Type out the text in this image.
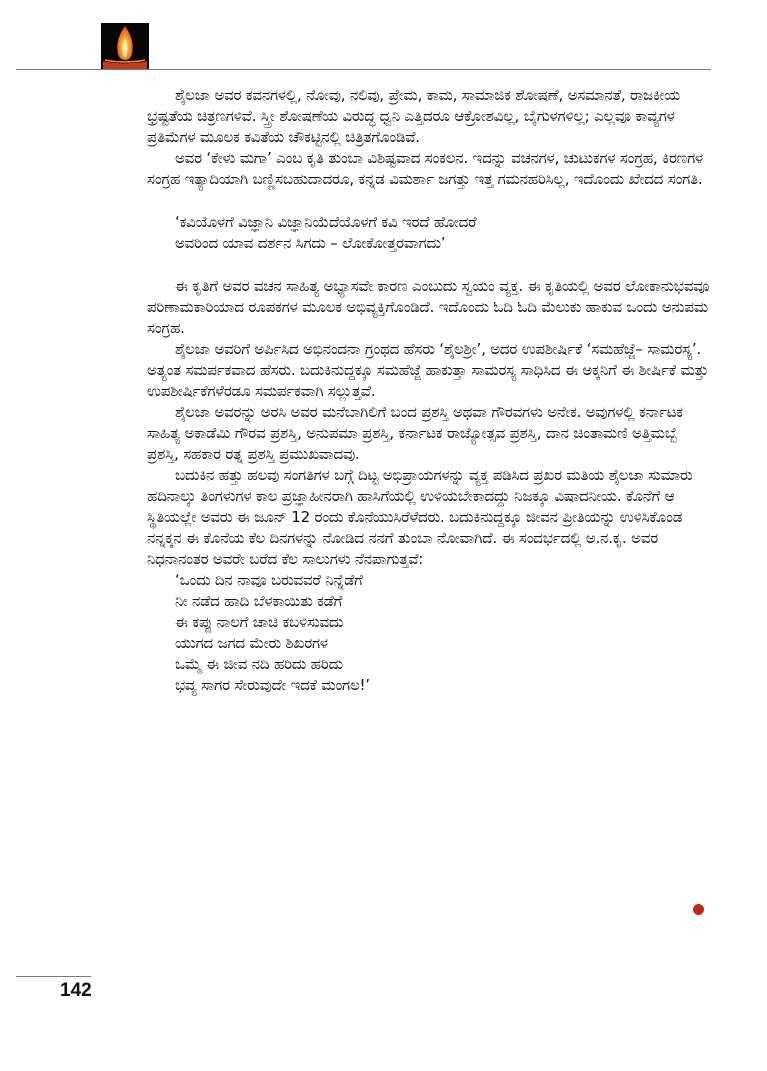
ಶೈಲಜಾ ಅವರ ಕವನಗಳಲ್ಲಿ, ನೋವು, ನಲಿವು, ಪ್ರೇಮ, ಕಾಮ, ಸಾಮಾಜಿಕ ಶೋಷಣೆ, ಅಸಮಾನತೆ, ರಾಜಕೀಯ ಭ್ರಷ್ಟತೆಯ ಚಿತ್ರಣಗಳಿವೆ. ಸ್ತ್ರೀ ಶೋಷಣೆಯ ವಿರುದ್ಧ ಧ್ವನಿ ಎತ್ತಿದರೂ ಆಕ್ರೋಶವಿಲ್ಲ, ಬೈಗುಳಗಳಿಲ್ಲ; ಎಲ್ಲವೂ ಕಾವ್ಯಗಳ ಪ್ರತಿಮೆಗಳ ಮೂಲಕ ಕವಿತೆಯ ಚೌಕಟ್ಟಿನಲ್ಲಿ ಚಿತ್ರಿತಗೊಂಡಿವೆ.

ಅವರ ‘ಕೇಳು ಮಗಾ’ ಎಂಬ ಕೃತಿ ತುಂಬಾ ವಿಶಿಷ್ಟವಾದ ಸಂಕಲನ. ಇದನ್ನು ವಚನಗಳ, ಚುಟುಕಗಳ ಸಂಗ್ರಹ, ಕಿರಣಗಳ ಸಂಗ್ರಹ ಇತ್ಯಾದಿಯಾಗಿ ಬಣ್ಣಿಸಬಹುದಾದರೂ, ಕನ್ನಡ ವಿಮರ್ಶಾ ಜಗತ್ತು ಇತ್ತ ಗಮನಹರಿಸಿಲ್ಲ, ಇದೊಂದು ಖೇದದ ಸಂಗತಿ.

‘ಕವಿಯೊಳಗೆ ವಿಜ್ಞಾನಿ ವಿಜ್ಞಾನಿಯೆದೆಯೊಳಗೆ ಕವಿ ಇರದೆ ಹೋದರೆ

ಅವರಿಂದ ಯಾವ ದರ್ಶನ ಸಿಗದು – ಲೋಕೋತ್ತರವಾಗದು’

ಈ ಕೃತಿಗೆ ಅವರ ವಚನ ಸಾಹಿತ್ಯ ಅಭ್ಯಾಸವೇ ಕಾರಣ ಎಂಬುದು ಸ್ವಯಂ ವ್ಯಕ್ತ. ಈ ಕೃತಿಯಲ್ಲಿ ಅವರ ಲೋಕಾನುಭವವೂ ಪರಿಣಾಮಕಾರಿಯಾದ ರೂಪಕಗಳ ಮೂಲಕ ಅಭಿವ್ಯಕ್ತಿಗೊಂಡಿದೆ. ಇದೊಂದು ಓದಿ ಓದಿ ಮೆಲುಕು ಹಾಕುವ ಒಂದು ಅನುಪಮ ಸಂಗ್ರಹ.

ಶೈಲಜಾ ಅವರಿಗೆ ಅರ್ಪಿಸಿದ ಅಭಿನಂದನಾ ಗ್ರಂಥದ ಹೆಸರು ‘ಶೈಲಶ್ರೀ’, ಅದರ ಉಪಶೀರ್ಷಿಕೆ ‘ಸಮಹೆಜ್ಜೆ– ಸಾಮರಸ್ಯ’. ಅತ್ಯಂತ ಸಮರ್ಪಕವಾದ ಹೆಸರು. ಬದುಕಿನುದ್ದಕ್ಕೂ ಸಮಹೆಜ್ಜೆ ಹಾಕುತ್ತಾ ಸಾಮರಸ್ಯ ಸಾಧಿಸಿದ ಈ ಅಕ್ಕನಿಗೆ ಈ ಶೀರ್ಷಿಕೆ ಮತ್ತು ಉಪಶೀರ್ಷಿಕೆಗಳೆರಡೂ ಸಮರ್ಪಕವಾಗಿ ಸಲ್ಲುತ್ತವೆ.

ಶೈಲಜಾ ಅವರನ್ನು ಅರಸಿ ಅವರ ಮನೆಬಾಗಿಲಿಗೆ ಬಂದ ಪ್ರಶಸ್ತಿ ಅಥವಾ ಗೌರವಗಳು ಅನೇಕ. ಅವುಗಳಲ್ಲಿ ಕರ್ನಾಟಕ ಸಾಹಿತ್ಯ ಅಕಾಡೆಮಿ ಗೌರವ ಪ್ರಶಸ್ತಿ, ಅನುಪಮಾ ಪ್ರಶಸ್ತಿ, ಕರ್ನಾಟಕ ರಾಜ್ಯೋತ್ಸವ ಪ್ರಶಸ್ತಿ, ದಾನ ಚಿಂತಾಮಣಿ ಅತ್ತಿಮಬ್ಬೆ ಪ್ರಶಸ್ತಿ, ಸಹಕಾರ ರತ್ನ ಪ್ರಶಸ್ತಿ ಪ್ರಮುಖವಾದವು.

ಬದುಕಿನ ಹತ್ತು ಹಲವು ಸಂಗತಿಗಳ ಬಗ್ಗೆ ದಿಟ್ಟ ಅಭಿಪ್ರಾಯಗಳನ್ನು ವ್ಯಕ್ತ ಪಡಿಸಿದ ಪ್ರಖರ ಮತಿಯ ಶೈಲಜಾ ಸುಮಾರು ಹದಿನಾಲ್ಕು ತಿಂಗಳುಗಳ ಕಾಲ ಪ್ರಜ್ಞಾಹೀನರಾಗಿ ಹಾಸಿಗೆಯಲ್ಲಿ ಉಳಿಯಬೇಕಾದದ್ದು ನಿಜಕ್ಕೂ ವಿಷಾದನೀಯ. ಕೊನೆಗೆ ಆ ಸ್ಥಿತಿಯಲ್ಲೇ ಅವರು ಈ ಜೂನ್ 12 ರಂದು ಕೊನೆಯುಸಿರೆಳೆದರು. ಬದುಕಿನುದ್ದಕ್ಕೂ ಜೀವನ ಪ್ರೀತಿಯನ್ನು ಉಳಿಸಿಕೊಂಡ ನನ್ನಕ್ಕನ ಈ ಕೊನೆಯ ಕೆಲ ದಿನಗಳನ್ನು ನೋಡಿದ ನನಗೆ ತುಂಬಾ ನೋವಾಗಿದೆ. ಈ ಸಂದರ್ಭದಲ್ಲಿ ಅ.ನ.ಕೃ. ಅವರ ನಿಧನಾನಂತರ ಅವರೇ ಬರೆದ ಕೆಲ ಸಾಲುಗಳು ನೆನಪಾಗುತ್ತವೆ:

‘ಒಂದು ದಿನ ನಾವೂ ಬರುವವರೆ ನಿನ್ನೆಡೆಗೆ

ನೀ ನಡೆದ ಹಾದಿ ಬೆಳಕಾಯಿತು ಕಡೆಗೆ

ಈ ಕಪ್ಪು ನಾಲಗೆ ಚಾಚಿ ಕಬಳಿಸುವದು

ಯುಗದ ಜಗದ ಮೇರು ಶಿಖರಗಳ

ಒಮ್ಮೆ ಈ ಜೀವ ನದಿ ಹರಿದು ಹರಿದು

ಭವ್ಯ ಸಾಗರ ಸೇರುವುದೇ ಇದಕೆ ಮಂಗಲ!’

142
